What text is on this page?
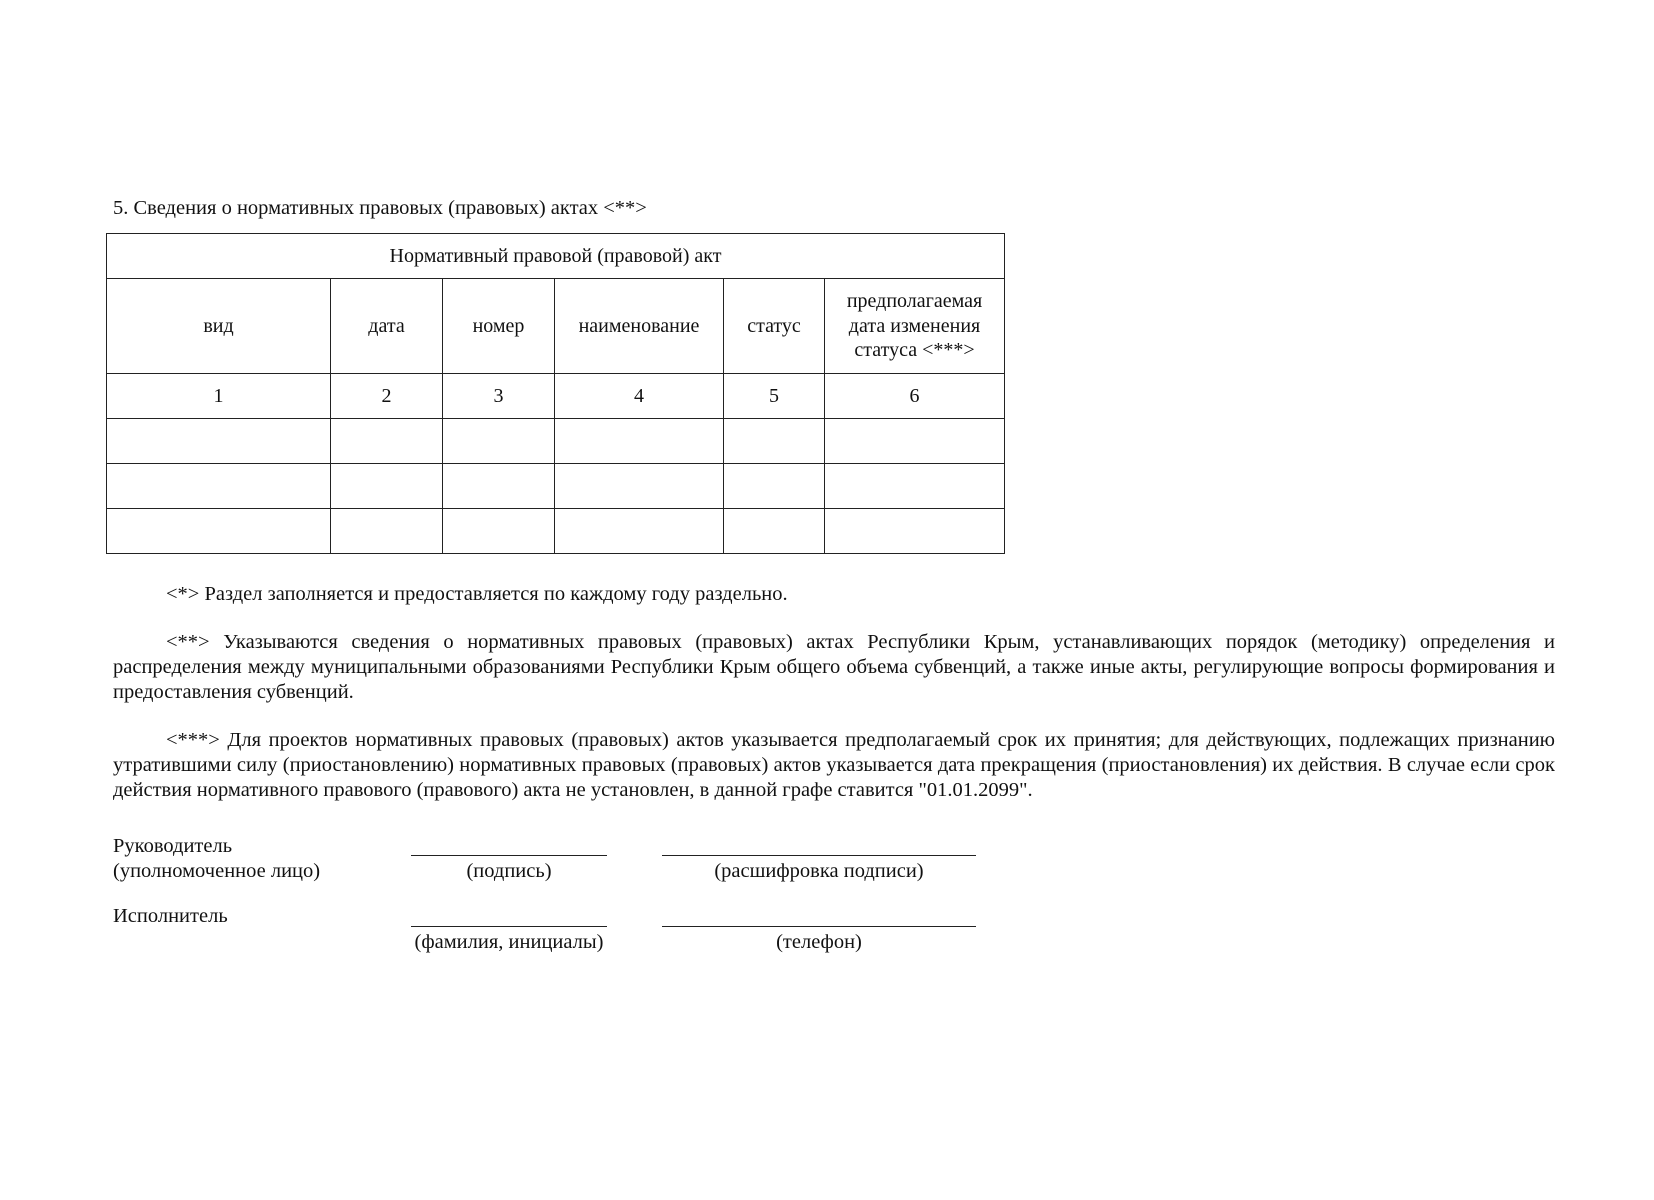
5. Сведения о нормативных правовых (правовых) актах <**>

Нормативный правовой (правовой) акт					
вид	дата	номер	наименование	статус	предполагаемая дата изменения статуса <***>
1	2	3	4	5	6

<*> Раздел заполняется и предоставляется по каждому году раздельно.

<**> Указываются сведения о нормативных правовых (правовых) актах Республики Крым, устанавливающих порядок (методику) определения и распределения между муниципальными образованиями Республики Крым общего объема субвенций, а также иные акты, регулирующие вопросы формирования и предоставления субвенций.

<***> Для проектов нормативных правовых (правовых) актов указывается предполагаемый срок их принятия; для действующих, подлежащих признанию утратившими силу (приостановлению) нормативных правовых (правовых) актов указывается дата прекращения (приостановления) их действия. В случае если срок действия нормативного правового (правового) акта не установлен, в данной графе ставится "01.01.2099".

Руководитель
(уполномоченное лицо)	(подпись)	(расшифровка подписи)
Исполнитель
(фамилия, инициалы)	(телефон)
